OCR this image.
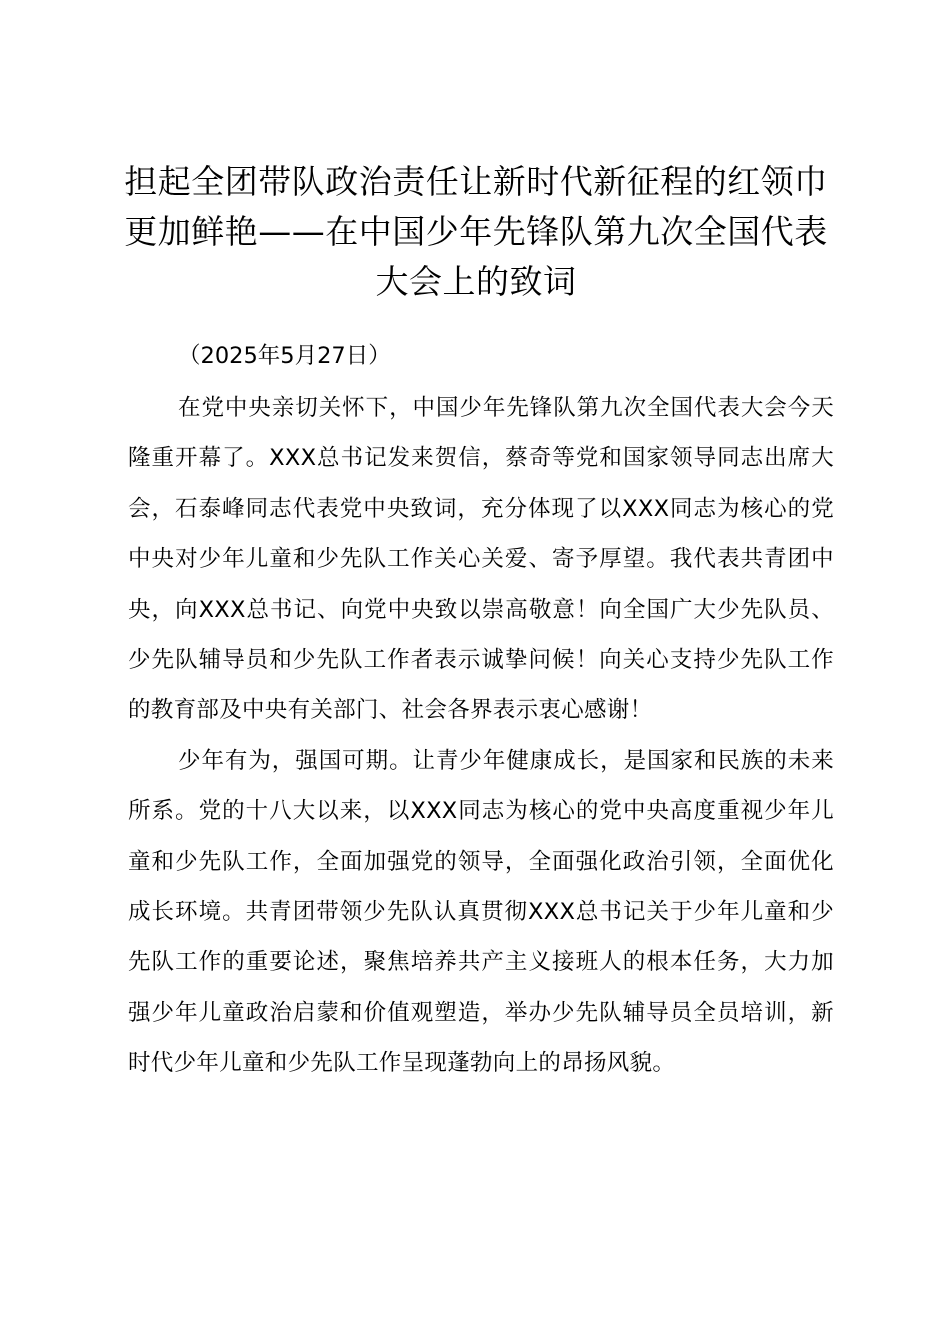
担起全团带队政治责任让新时代新征程的红领巾更加鲜艳——在中国少年先锋队第九次全国代表大会上的致词

（2025年5月27日）

在党中央亲切关怀下，中国少年先锋队第九次全国代表大会今天隆重开幕了。XXX总书记发来贺信，蔡奇等党和国家领导同志出席大会，石泰峰同志代表党中央致词，充分体现了以XXX同志为核心的党中央对少年儿童和少先队工作关心关爱、寄予厚望。我代表共青团中央，向XXX总书记、向党中央致以崇高敬意！向全国广大少先队员、少先队辅导员和少先队工作者表示诚挚问候！向关心支持少先队工作的教育部及中央有关部门、社会各界表示衷心感谢！

少年有为，强国可期。让青少年健康成长，是国家和民族的未来所系。党的十八大以来，以XXX同志为核心的党中央高度重视少年儿童和少先队工作，全面加强党的领导，全面强化政治引领，全面优化成长环境。共青团带领少先队认真贯彻XXX总书记关于少年儿童和少先队工作的重要论述，聚焦培养共产主义接班人的根本任务，大力加强少年儿童政治启蒙和价值观塑造，举办少先队辅导员全员培训，新时代少年儿童和少先队工作呈现蓬勃向上的昂扬风貌。
